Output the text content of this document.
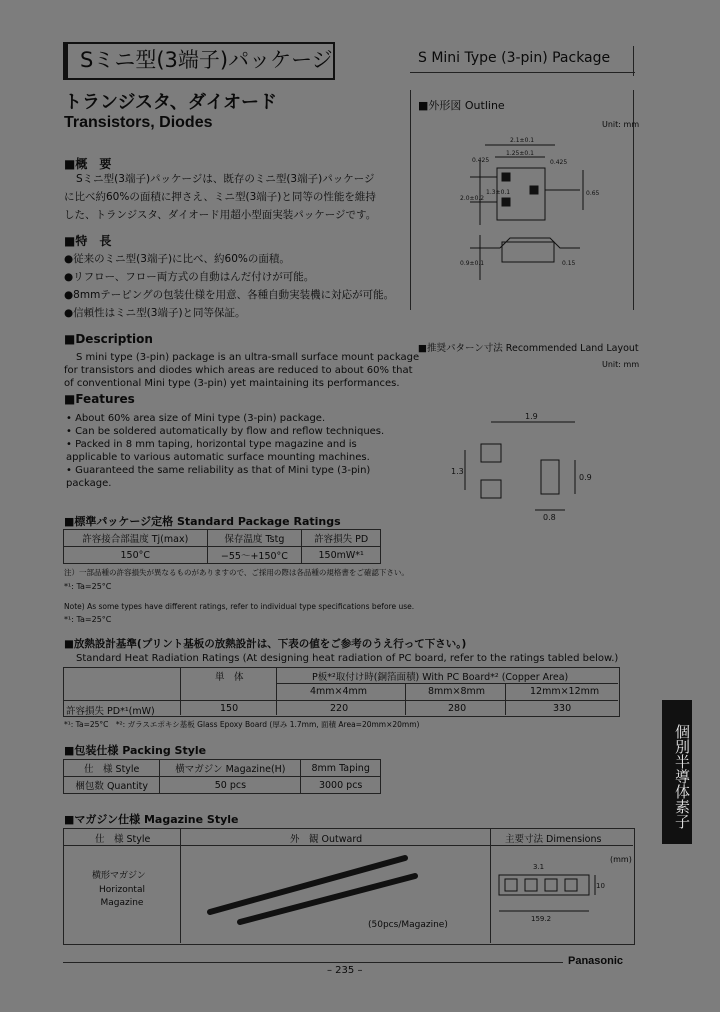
Sミニ型(3端子)パッケージ	S Mini Type (3-pin) Package
トランジスタ、ダイオード
Transistors, Diodes
■概　要
Sミニ型(3端子)パッケージは、既存のミニ型(3端子)パッケージ
に比べ約60%の面積に押さえ、ミニ型(3端子)と同等の性能を維持
した、トランジスタ、ダイオード用超小型面実装パッケージです。
■特　長
●従来のミニ型(3端子)に比べ、約60%の面積。
●リフロー、フロー両方式の自動はんだ付けが可能。
●8mmテーピングの包装仕様を用意、各種自動実装機に対応が可能。
●信頼性はミニ型(3端子)と同等保証。
■Description
S mini type (3-pin) package is an ultra-small surface mount package
for transistors and diodes which areas are reduced to about 60% that
of conventional Mini type (3-pin) yet maintaining its performances.
■Features
• About 60% area size of Mini type (3-pin) package.
• Can be soldered automatically by flow and reflow techniques.
• Packed in 8 mm taping, horizontal type magazine and is
applicable to various automatic surface mounting machines.
• Guaranteed the same reliability as that of Mini type (3-pin)
package.
■外形図 Outline
Unit: mm
2.1±0.1
1.25±0.1
0.425	0.425
2.0±0.2
1.3±0.1
0.9±0.1	0.15
0.65
■推奨パターン寸法 Recommended Land Layout
Unit: mm
1.9
1.3
0.9
0.8
■標準パッケージ定格 Standard Package Ratings
許容接合部温度 Tj(max)	保存温度 Tstg	許容損失 PD
150°C	−55〜+150°C	150mW*¹
注）一部品種の許容損失が異なるものがありますので、ご採用の際は各品種の規格書をご確認下さい。
*¹: Ta=25°C
Note) As some types have different ratings, refer to individual type specifications before use.
*¹: Ta=25°C
■放熱設計基準(プリント基板の放熱設計は、下表の値をご参考のうえ行って下さい。)
Standard Heat Radiation Ratings (At designing heat radiation of PC board, refer to the ratings tabled below.)
単　体	P板*²取付け時(銅箔面積) With PC Board*² (Copper Area)
4mm×4mm	8mm×8mm	12mm×12mm
許容損失 PD*¹(mW)	150	220	280	330
*¹: Ta=25°C　*²: ガラスエポキシ基板 Glass Epoxy Board (厚み 1.7mm, 面積 Area=20mm×20mm)
■包装仕様 Packing Style
仕　様 Style	横マガジン Magazine(H)	8mm Taping
梱包数 Quantity	50 pcs	3000 pcs
■マガジン仕様 Magazine Style
仕　様 Style	外　観 Outward	主要寸法 Dimensions
横形マガジン
Horizontal Magazine
(50pcs/Magazine)
(mm)
3.1
10
159.2
個別半導体素子
– 235 –
Panasonic
